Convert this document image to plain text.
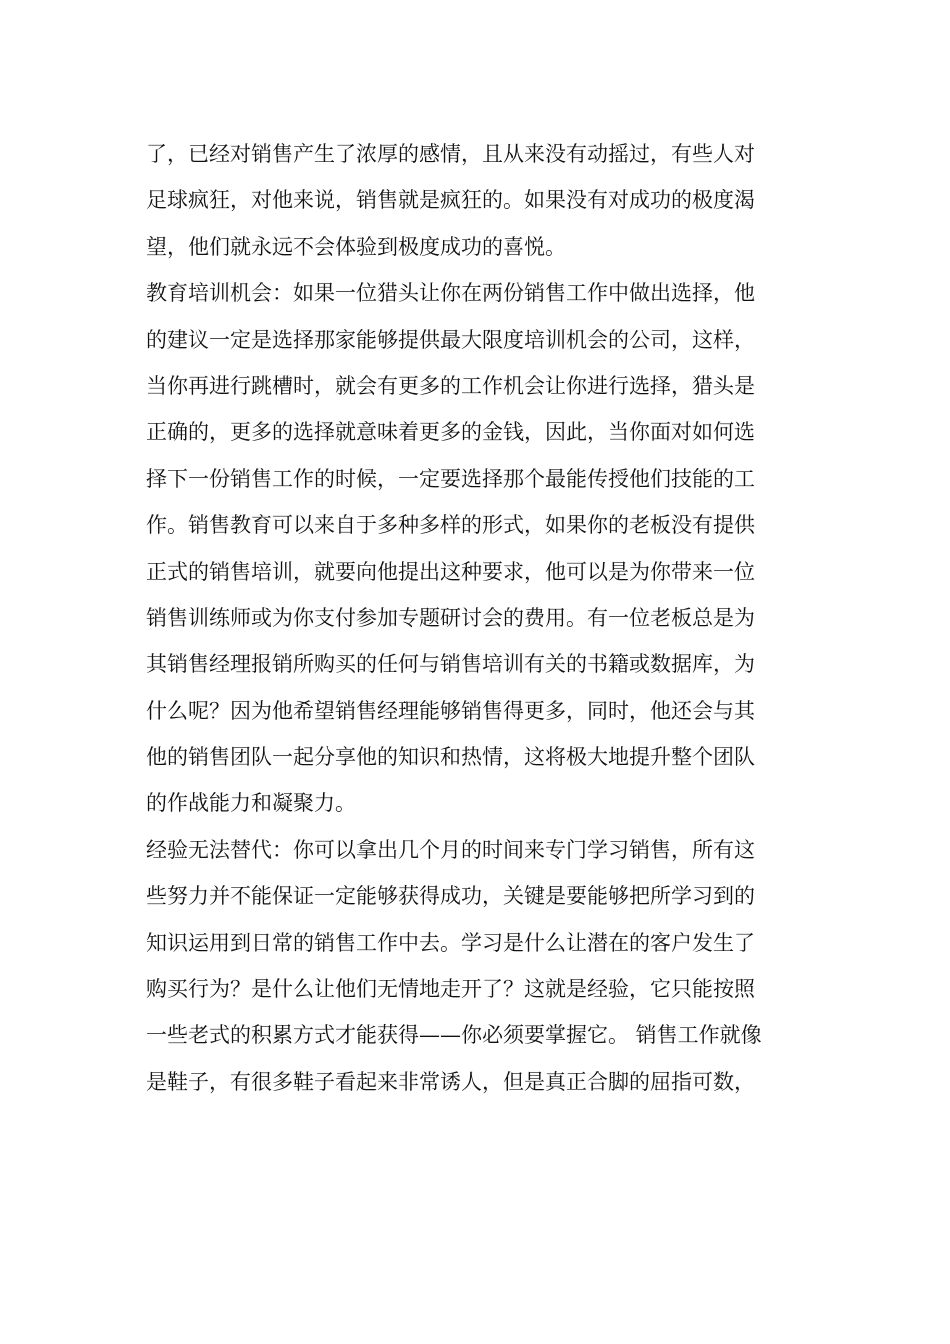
了，已经对销售产生了浓厚的感情，且从来没有动摇过，有些人对
足球疯狂，对他来说，销售就是疯狂的。如果没有对成功的极度渴
望，他们就永远不会体验到极度成功的喜悦。
教育培训机会：如果一位猎头让你在两份销售工作中做出选择，他
的建议一定是选择那家能够提供最大限度培训机会的公司，这样，
当你再进行跳槽时，就会有更多的工作机会让你进行选择，猎头是
正确的，更多的选择就意味着更多的金钱，因此，当你面对如何选
择下一份销售工作的时候，一定要选择那个最能传授他们技能的工
作。销售教育可以来自于多种多样的形式，如果你的老板没有提供
正式的销售培训，就要向他提出这种要求，他可以是为你带来一位
销售训练师或为你支付参加专题研讨会的费用。有一位老板总是为
其销售经理报销所购买的任何与销售培训有关的书籍或数据库，为
什么呢？因为他希望销售经理能够销售得更多，同时，他还会与其
他的销售团队一起分享他的知识和热情，这将极大地提升整个团队
的作战能力和凝聚力。
经验无法替代：你可以拿出几个月的时间来专门学习销售，所有这
些努力并不能保证一定能够获得成功，关键是要能够把所学习到的
知识运用到日常的销售工作中去。学习是什么让潜在的客户发生了
购买行为？是什么让他们无情地走开了？这就是经验，它只能按照
一些老式的积累方式才能获得——你必须要掌握它。 销售工作就像
是鞋子，有很多鞋子看起来非常诱人，但是真正合脚的屈指可数，
